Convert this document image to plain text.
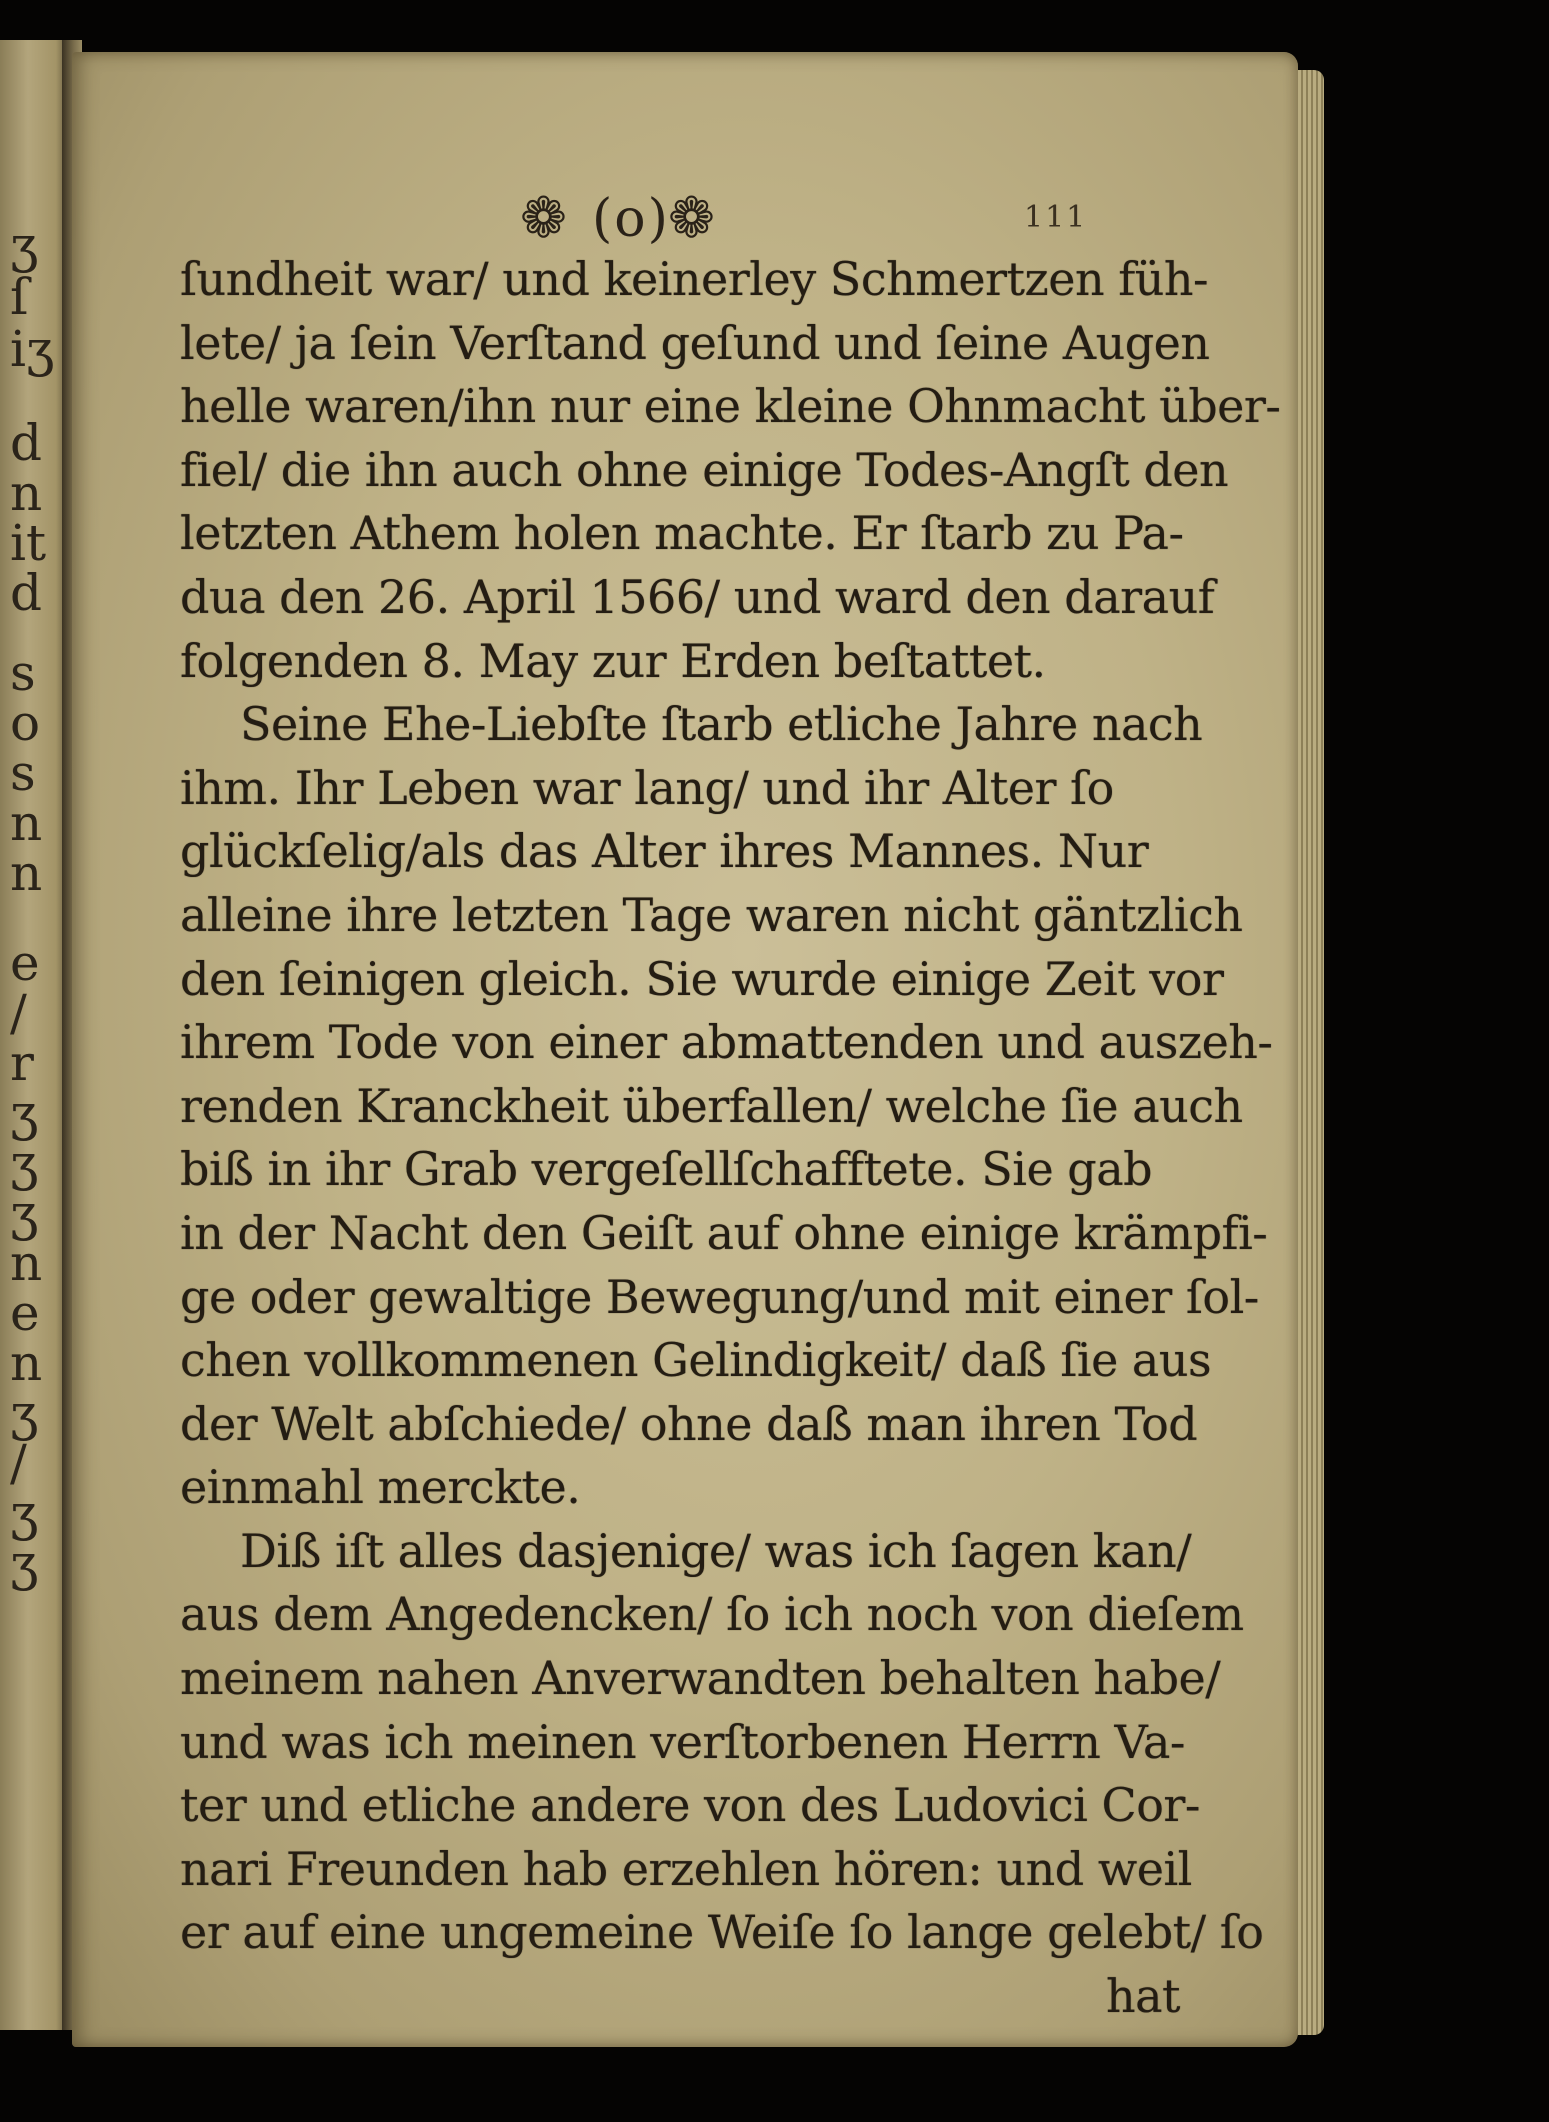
ʒ
ſ
iʒ
d
n
it
d
s
o
s
n
n
e
/
r
ʒ
ʒ
ʒ
n
e
n
ʒ
/
ʒ
ʒ
❁ (o)
❁	111
ſundheit war/ und keinerley Schmertzen füh-
lete/ ja ſein Verſtand geſund und ſeine Augen
helle waren/ihn nur eine kleine Ohnmacht über-
fiel/ die ihn auch ohne einige Todes-Angſt den
letzten Athem holen machte. Er ſtarb zu Pa-
dua den 26. April 1566/ und ward den darauf
folgenden 8. May zur Erden beſtattet.
Seine Ehe-Liebſte ſtarb etliche Jahre nach
ihm. Ihr Leben war lang/ und ihr Alter ſo
glückſelig/als das Alter ihres Mannes. Nur
alleine ihre letzten Tage waren nicht gäntzlich
den ſeinigen gleich. Sie wurde einige Zeit vor
ihrem Tode von einer abmattenden und auszeh-
renden Kranckheit überfallen/ welche ſie auch
biß in ihr Grab vergeſellſchafftete. Sie gab
in der Nacht den Geiſt auf ohne einige krämpfi-
ge oder gewaltige Bewegung/und mit einer ſol-
chen vollkommenen Gelindigkeit/ daß ſie aus
der Welt abſchiede/ ohne daß man ihren Tod
einmahl merckte.
Diß iſt alles dasjenige/ was ich ſagen kan/
aus dem Angedencken/ ſo ich noch von dieſem
meinem nahen Anverwandten behalten habe/
und was ich meinen verſtorbenen Herrn Va-
ter und etliche andere von des Ludovici Cor-
nari Freunden hab erzehlen hören: und weil
er auf eine ungemeine Weiſe ſo lange gelebt/ ſo
hat
